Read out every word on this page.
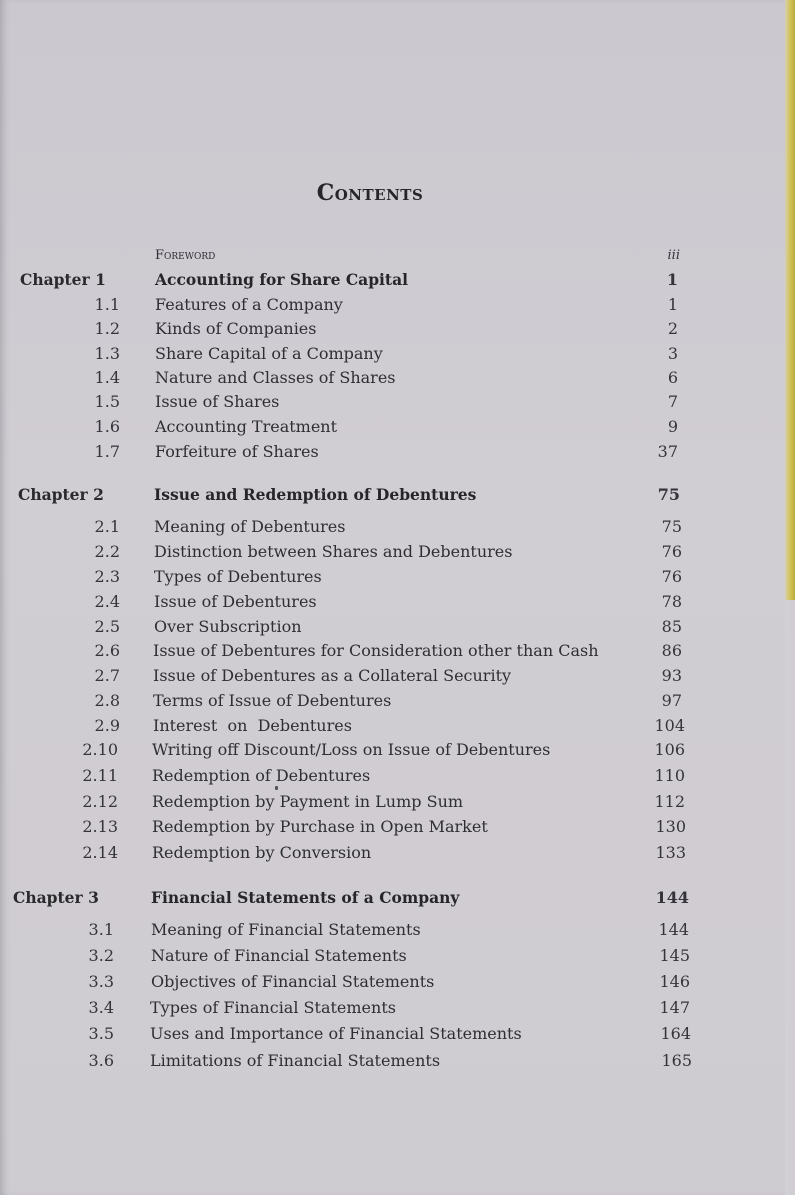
Contents
Foreword	iii
Chapter 1	Accounting for Share Capital	1
1.1 Features of a Company	1
1.2 Kinds of Companies	2
1.3 Share Capital of a Company	3
1.4 Nature and Classes of Shares	6
1.5 Issue of Shares	7
1.6 Accounting Treatment	9
1.7 Forfeiture of Shares	37
Chapter 2	Issue and Redemption of Debentures	75
2.1 Meaning of Debentures	75
2.2 Distinction between Shares and Debentures	76
2.3 Types of Debentures	76
2.4 Issue of Debentures	78
2.5 Over Subscription	85
2.6 Issue of Debentures for Consideration other than Cash	86
2.7 Issue of Debentures as a Collateral Security	93
2.8 Terms of Issue of Debentures	97
2.9 Interest  on  Debentures	104
2.10 Writing off Discount/Loss on Issue of Debentures	106
2.11 Redemption of Debentures	110
2.12 Redemption by Payment in Lump Sum	112
2.13 Redemption by Purchase in Open Market	130
2.14 Redemption by Conversion	133
Chapter 3	Financial Statements of a Company	144
3.1 Meaning of Financial Statements	144
3.2 Nature of Financial Statements	145
3.3 Objectives of Financial Statements	146
3.4 Types of Financial Statements	147
3.5 Uses and Importance of Financial Statements	164
3.6 Limitations of Financial Statements	165
